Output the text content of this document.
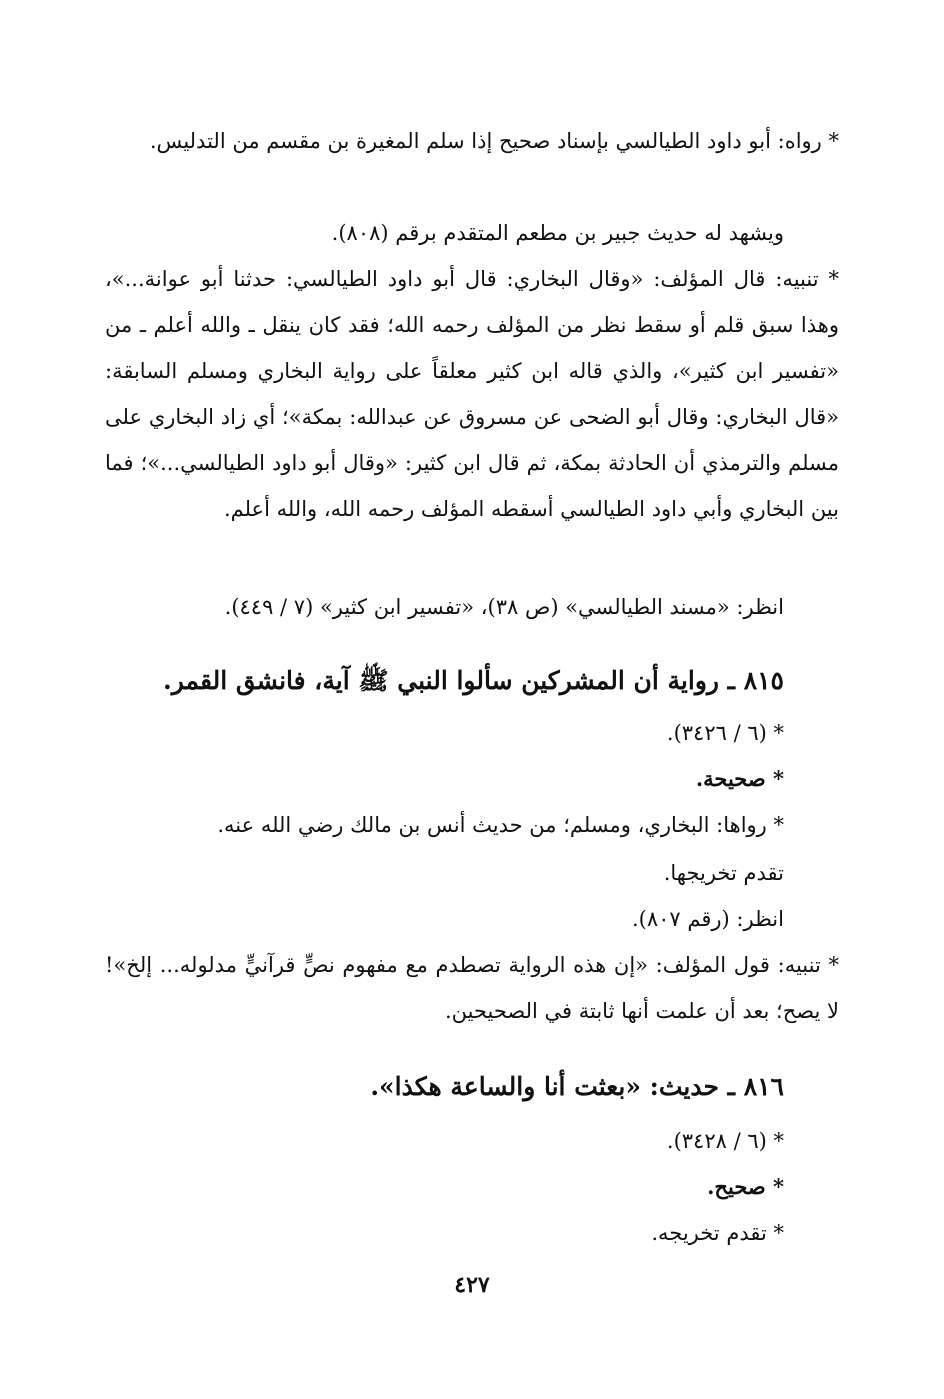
* رواه: أبو داود الطيالسي بإسناد صحيح إذا سلم المغيرة بن مقسم من التدليس.
ويشهد له حديث جبير بن مطعم المتقدم برقم (٨٠٨).
* تنبيه: قال المؤلف: «وقال البخاري: قال أبو داود الطيالسي: حدثنا أبو عوانة...»، وهذا سبق قلم أو سقط نظر من المؤلف رحمه الله؛ فقد كان ينقل ـ والله أعلم ـ من «تفسير ابن كثير»، والذي قاله ابن كثير معلقاً على رواية البخاري ومسلم السابقة: «قال البخاري: وقال أبو الضحى عن مسروق عن عبدالله: بمكة»؛ أي زاد البخاري على مسلم والترمذي أن الحادثة بمكة، ثم قال ابن كثير: «وقال أبو داود الطيالسي...»؛ فما بين البخاري وأبي داود الطيالسي أسقطه المؤلف رحمه الله، والله أعلم.
انظر: «مسند الطيالسي» (ص ٣٨)، «تفسير ابن كثير» (٧ / ٤٤٩).
٨١٥ ـ رواية أن المشركين سألوا النبي ﷺ آية، فانشق القمر.
* (٦ / ٣٤٢٦).
* صحيحة.
* رواها: البخاري، ومسلم؛ من حديث أنس بن مالك رضي الله عنه.
تقدم تخريجها.
انظر: (رقم ٨٠٧).
* تنبيه: قول المؤلف: «إن هذه الرواية تصطدم مع مفهوم نصٍّ قرآنيٍّ مدلوله... إلخ»! لا يصح؛ بعد أن علمت أنها ثابتة في الصحيحين.
٨١٦ ـ حديث: «بعثت أنا والساعة هكذا».
* (٦ / ٣٤٢٨).
* صحيح.
* تقدم تخريجه.
٤٢٧
